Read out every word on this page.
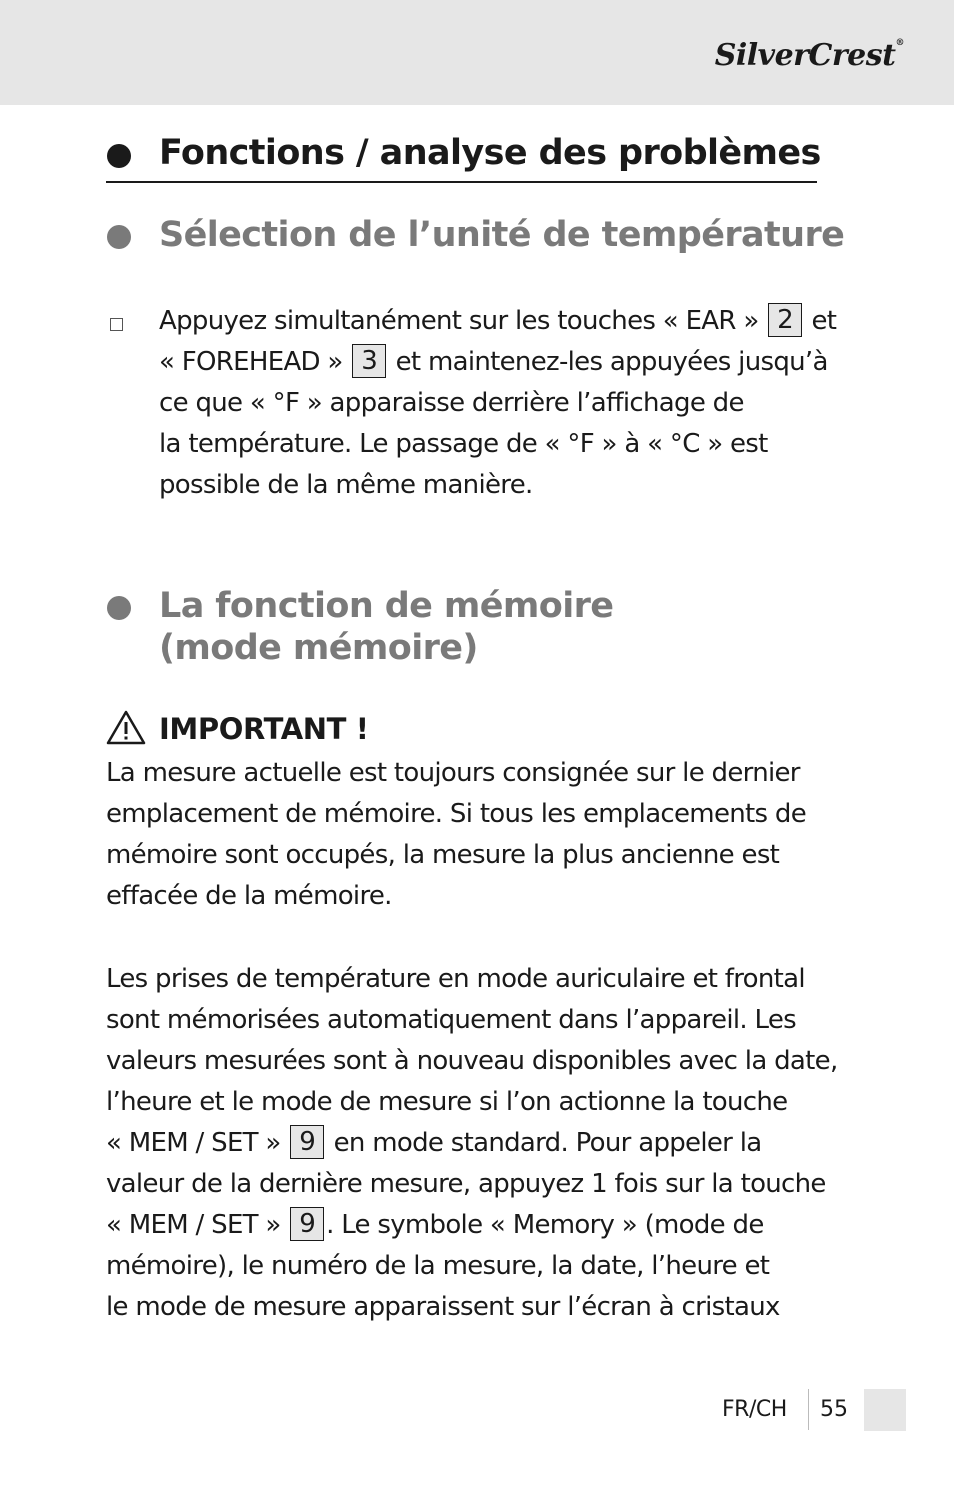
SilverCrest®
Fonctions / analyse des problèmes
Sélection de l’unité de température
Appuyez simultanément sur les touches « EAR » 2 et
« FOREHEAD » 3 et maintenez-les appuyées jusqu’à
ce que « °F » apparaisse derrière l’affichage de
la température. Le passage de « °F » à « °C » est
possible de la même manière.
La fonction de mémoire
(mode mémoire)
IMPORTANT !
La mesure actuelle est toujours consignée sur le dernier
emplacement de mémoire. Si tous les emplacements de
mémoire sont occupés, la mesure la plus ancienne est
effacée de la mémoire.
Les prises de température en mode auriculaire et frontal
sont mémorisées automatiquement dans l’appareil. Les
valeurs mesurées sont à nouveau disponibles avec la date,
l’heure et le mode de mesure si l’on actionne la touche
« MEM / SET » 9 en mode standard. Pour appeler la
valeur de la dernière mesure, appuyez 1 fois sur la touche
« MEM / SET » 9 . Le symbole « Memory » (mode de
mémoire), le numéro de la mesure, la date, l’heure et
le mode de mesure apparaissent sur l’écran à cristaux
FR/CH 55
